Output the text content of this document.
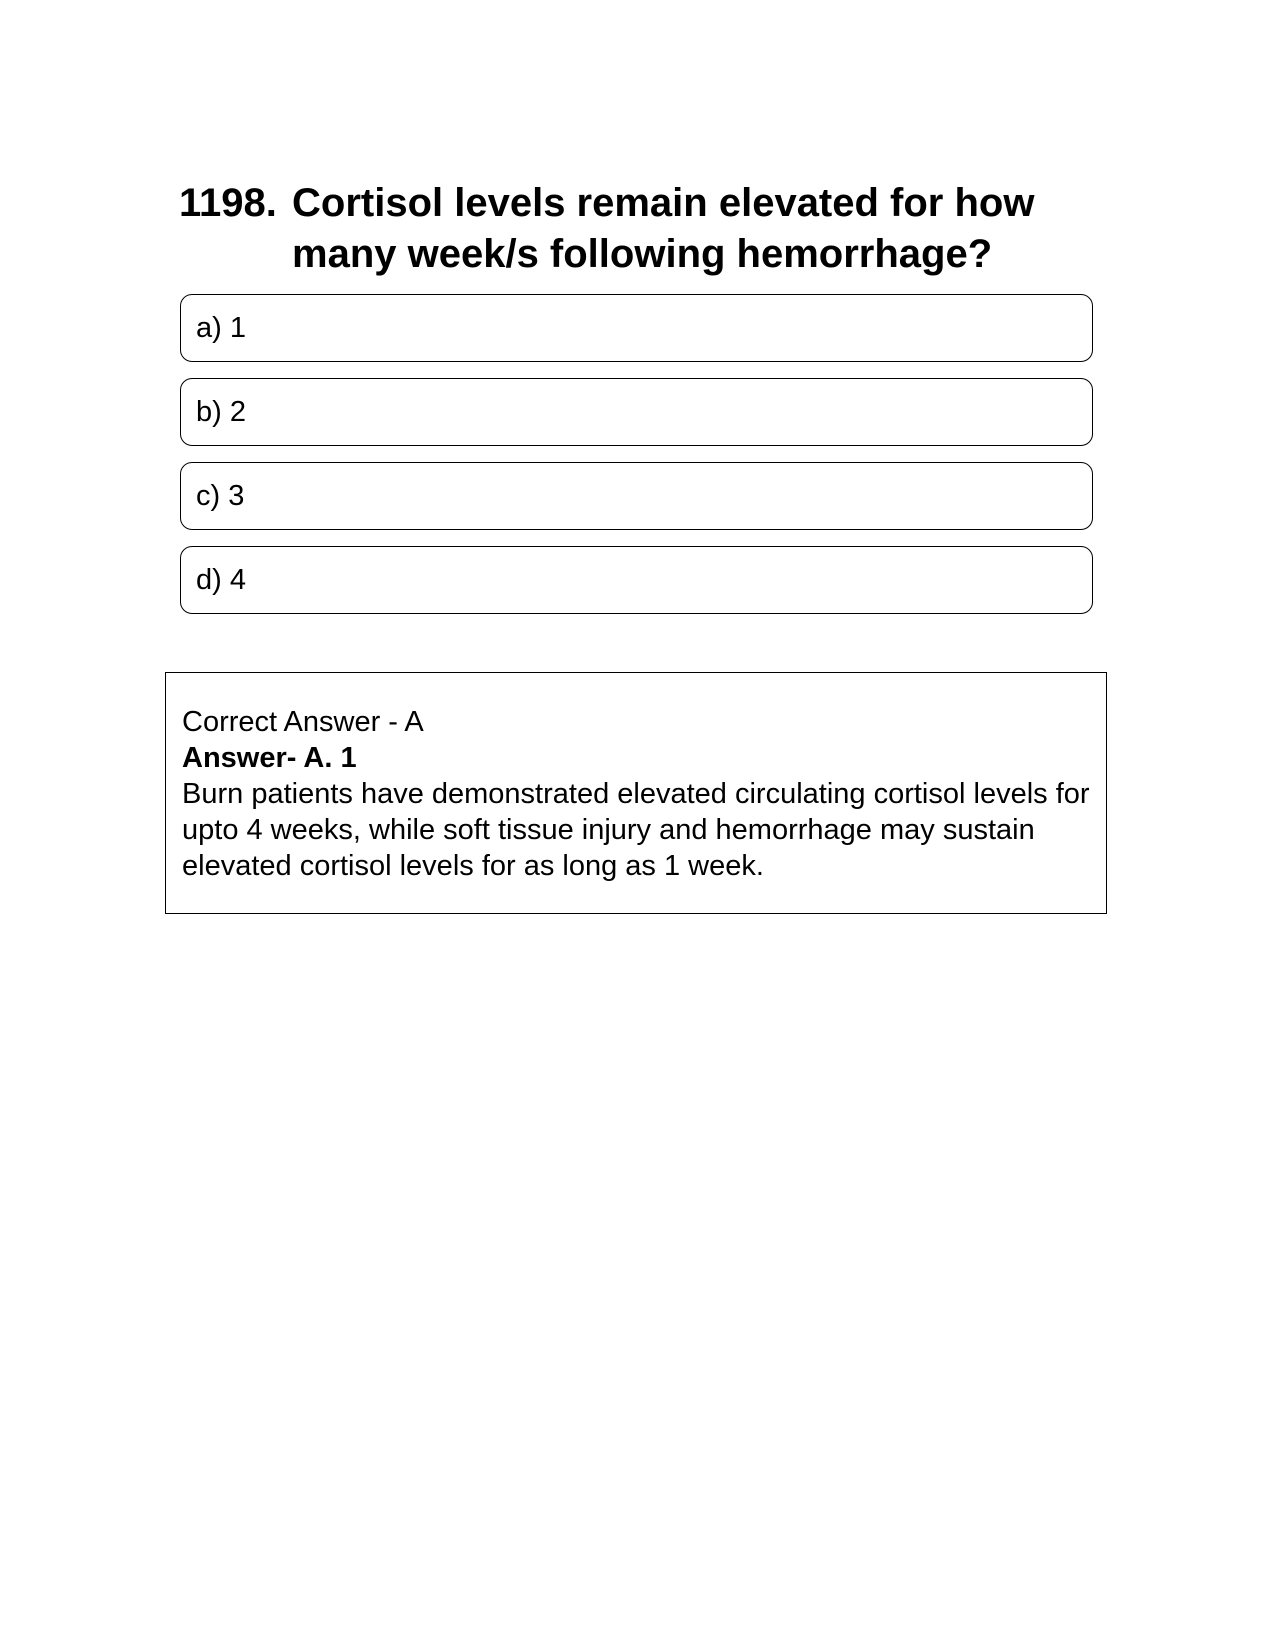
1198. Cortisol levels remain elevated for how many week/s following hemorrhage?
a) 1
b) 2
c) 3
d) 4
Correct Answer - A
Answer- A. 1
Burn patients have demonstrated elevated circulating cortisol levels for upto 4 weeks, while soft tissue injury and hemorrhage may sustain elevated cortisol levels for as long as 1 week.
